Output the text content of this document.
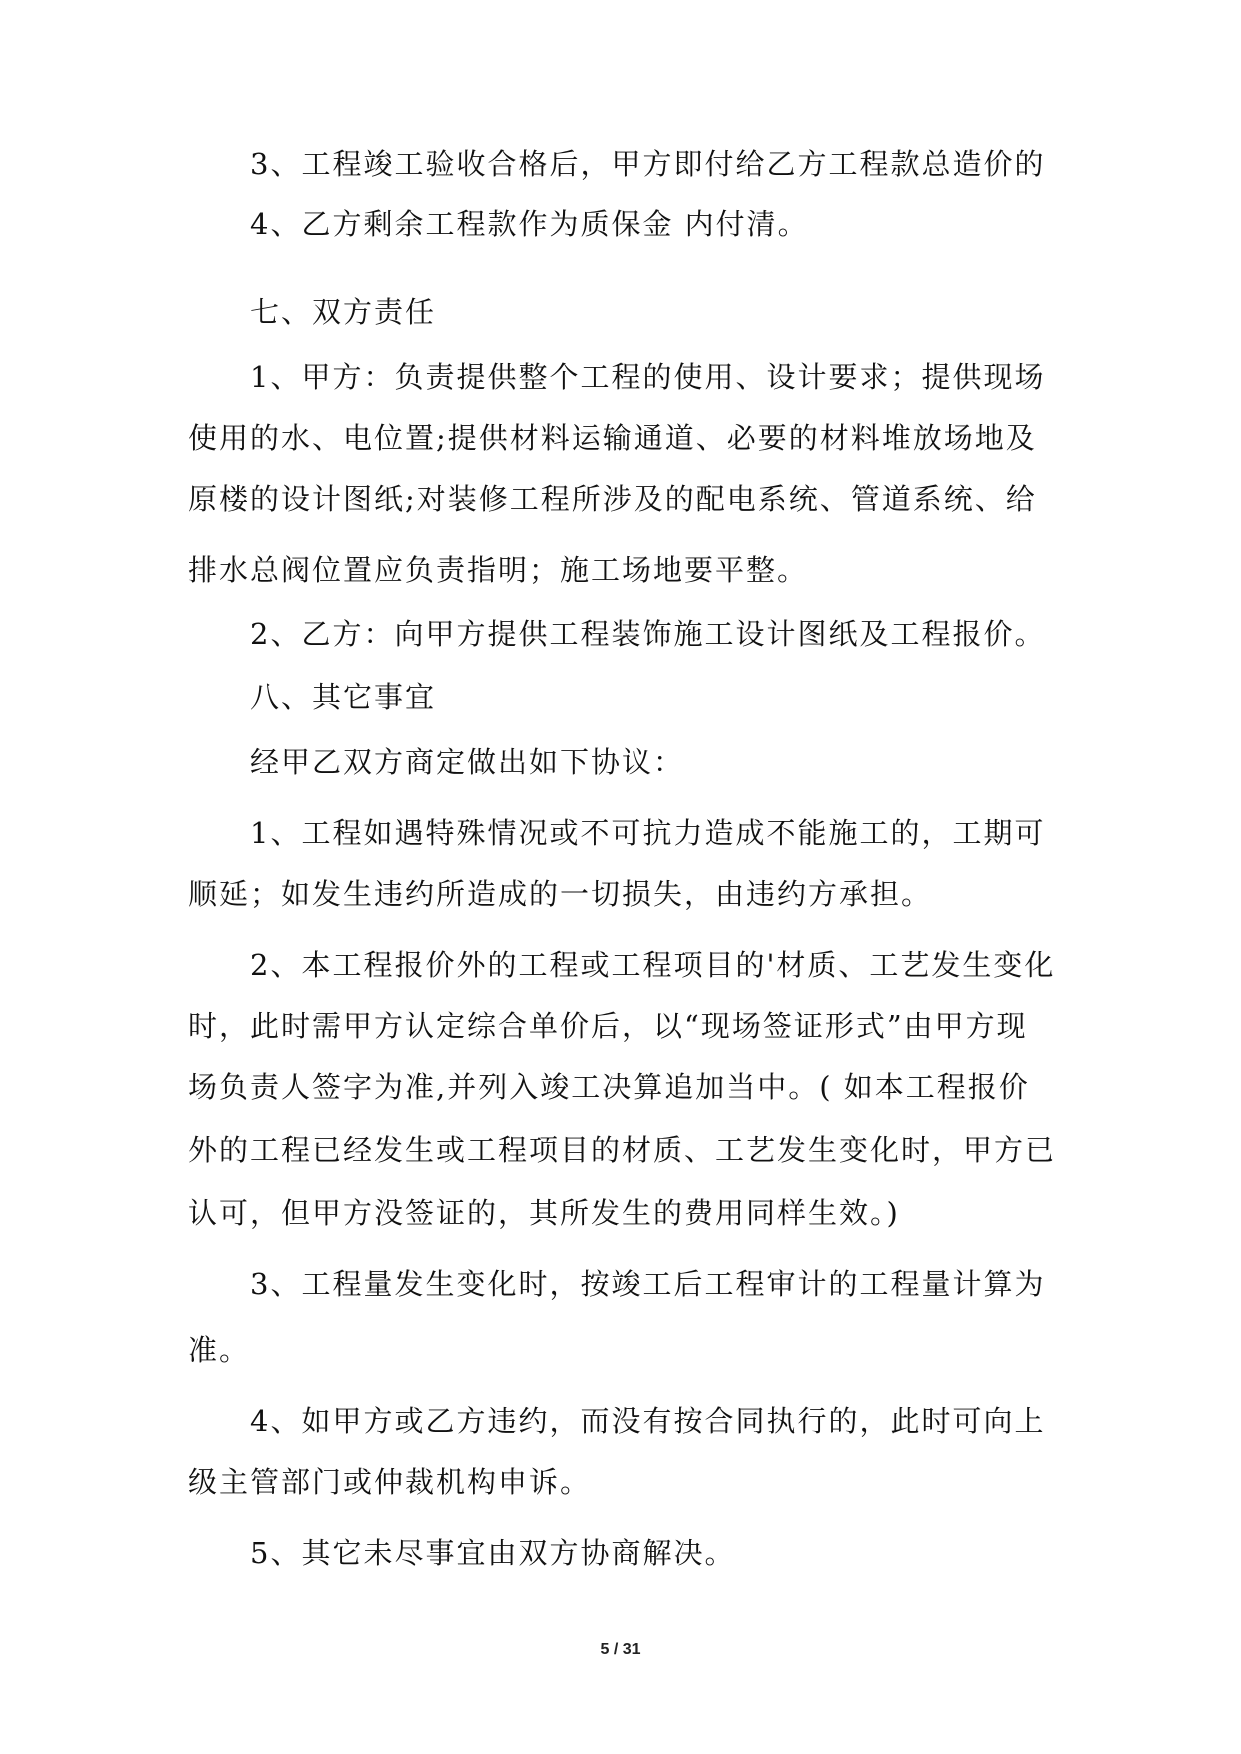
3、工程竣工验收合格后，甲方即付给乙方工程款总造价的

4、乙方剩余工程款作为质保金 内付清。

七、双方责任

1、甲方：负责提供整个工程的使用、设计要求；提供现场

使用的水、电位置;提供材料运输通道、必要的材料堆放场地及

原楼的设计图纸;对装修工程所涉及的配电系统、管道系统、给

排水总阀位置应负责指明；施工场地要平整。

2、乙方：向甲方提供工程装饰施工设计图纸及工程报价。

八、其它事宜

经甲乙双方商定做出如下协议：

1、工程如遇特殊情况或不可抗力造成不能施工的，工期可

顺延；如发生违约所造成的一切损失，由违约方承担。

2、本工程报价外的工程或工程项目的'材质、工艺发生变化

时，此时需甲方认定综合单价后，以“现场签证形式”由甲方现

场负责人签字为准,并列入竣工决算追加当中。( 如本工程报价

外的工程已经发生或工程项目的材质、工艺发生变化时，甲方已

认可，但甲方没签证的，其所发生的费用同样生效。)

3、工程量发生变化时，按竣工后工程审计的工程量计算为

准。

4、如甲方或乙方违约，而没有按合同执行的，此时可向上

级主管部门或仲裁机构申诉。

5、其它未尽事宜由双方协商解决。

5 / 31
